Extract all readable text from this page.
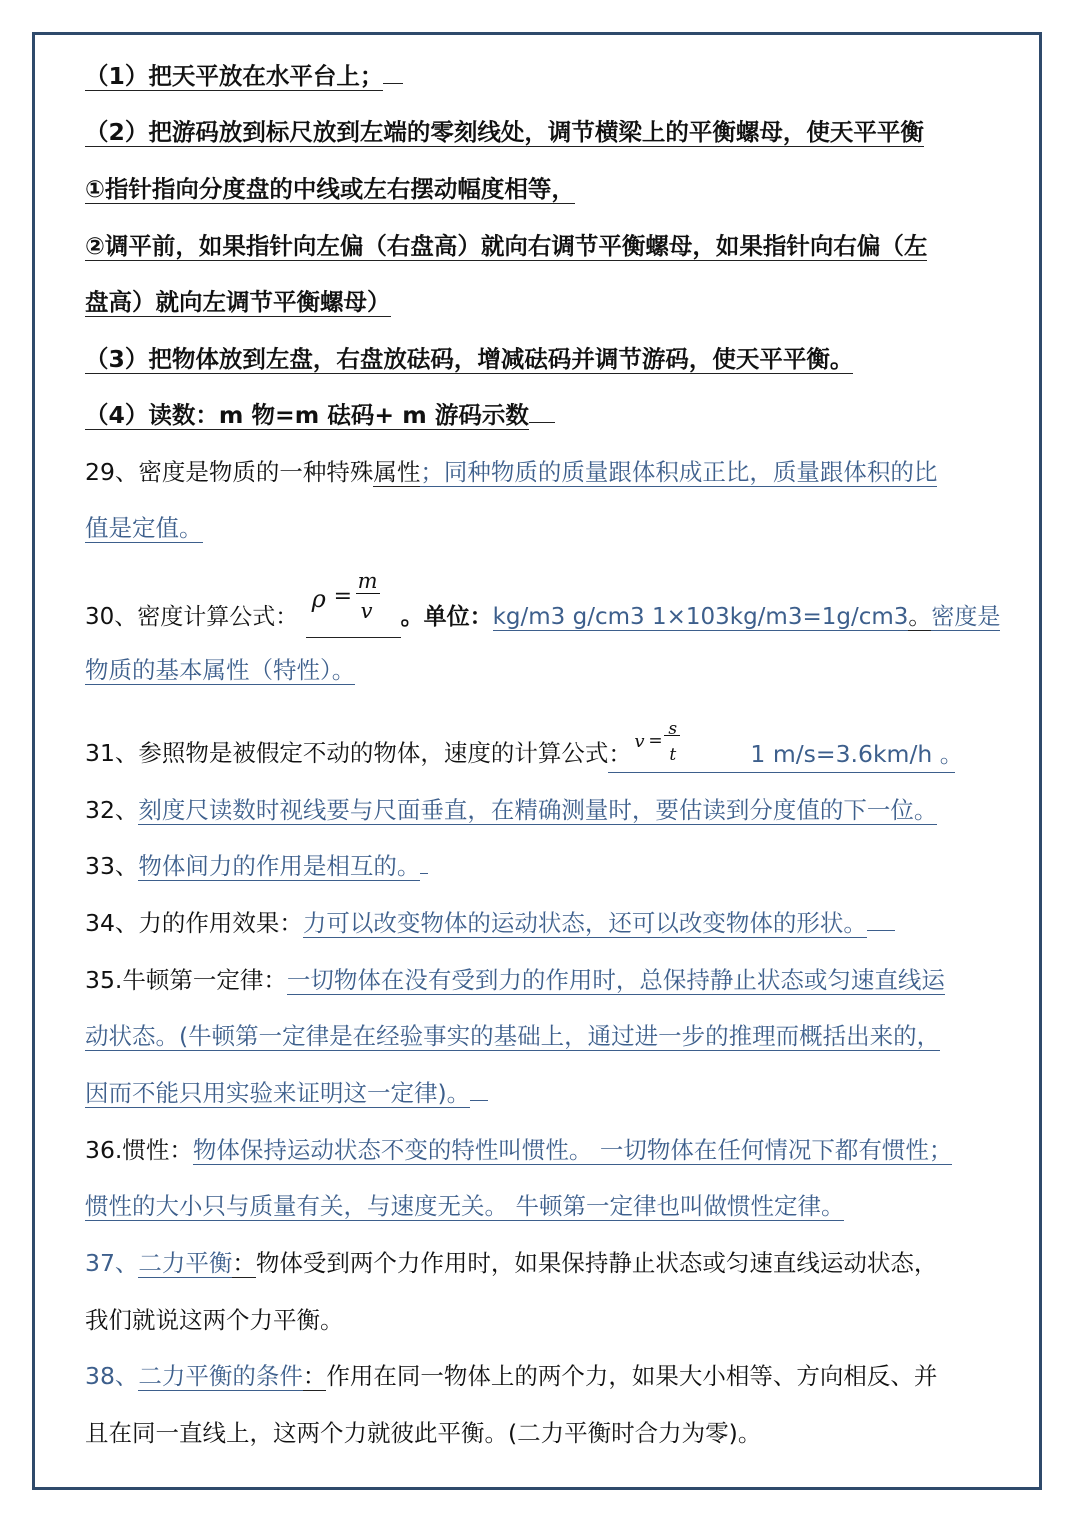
（1）把天平放在水平台上；
（2）把游码放到标尺放到左端的零刻线处，调节横梁上的平衡螺母，使天平平衡
①指针指向分度盘的中线或左右摆动幅度相等，
②调平前，如果指针向左偏（右盘高）就向右调节平衡螺母，如果指针向右偏（左
盘高）就向左调节平衡螺母）
（3）把物体放到左盘，右盘放砝码，增减砝码并调节游码，使天平平衡。
（4）读数：m 物=m 砝码+ m 游码示数
29、密度是物质的一种特殊属性；同种物质的质量跟体积成正比，质量跟体积的比
值是定值。
30、密度计算公式：
ρ =
m
v 。单位：kg/m3 g/cm3 1×103kg/m3=1g/cm3。密度是
物质的基本属性（特性）。
31、参照物是被假定不动的物体，速度的计算公式 ： v =
s
t	1 m/s=3.6km/h 。
32、刻度尺读数时视线要与尺面垂直，在精确测量时，要估读到分度值的下一位。
33、物体间力的作用是相互的。
34、力的作用效果：力可以改变物体的运动状态，还可以改变物体的形状。
35.牛顿第一定律：一切物体在没有受到力的作用时，总保持静止状态或匀速直线运
动状态。(牛顿第一定律是在经验事实的基础上，通过进一步的推理而概括出来的，
因而不能只用实验来证明这一定律)。
36.惯性：物体保持运动状态不变的特性叫惯性。 一切物体在任何情况下都有惯性；
惯性的大小只与质量有关，与速度无关。 牛顿第一定律也叫做惯性定律。
37、二力平衡：物体受到两个力作用时，如果保持静止状态或匀速直线运动状态，
我们就说这两个力平衡。
38、二力平衡的条件：作用在同一物体上的两个力，如果大小相等、方向相反、并
且在同一直线上，这两个力就彼此平衡。(二力平衡时合力为零)。
